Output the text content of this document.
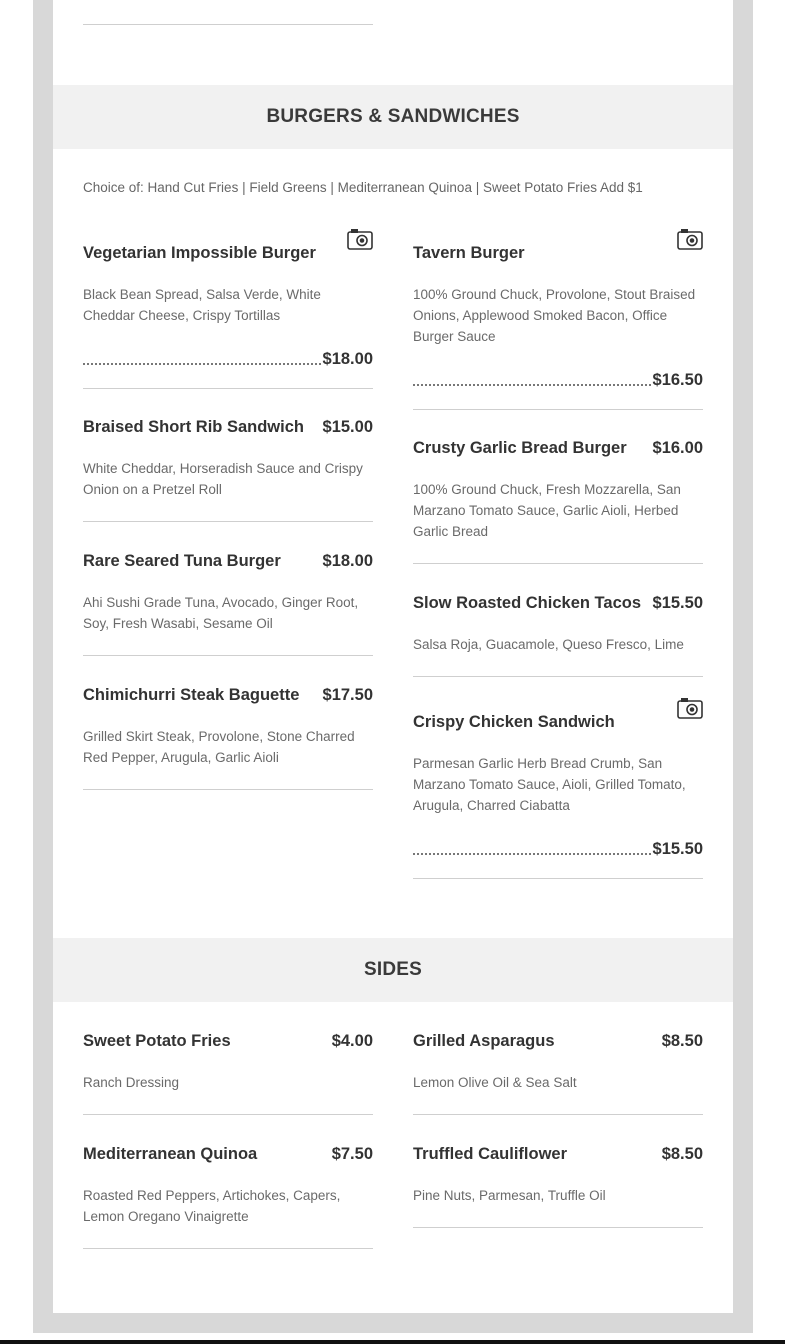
BURGERS & SANDWICHES
Choice of: Hand Cut Fries | Field Greens | Mediterranean Quinoa | Sweet Potato Fries Add $1
Vegetarian Impossible Burger
Black Bean Spread, Salsa Verde, White Cheddar Cheese, Crispy Tortillas
$18.00
Braised Short Rib Sandwich $15.00
White Cheddar, Horseradish Sauce and Crispy Onion on a Pretzel Roll
Rare Seared Tuna Burger	$18.00
Ahi Sushi Grade Tuna, Avocado, Ginger Root, Soy, Fresh Wasabi, Sesame Oil
Chimichurri Steak Baguette $17.50
Grilled Skirt Steak, Provolone, Stone Charred Red Pepper, Arugula, Garlic Aioli
Tavern Burger
100% Ground Chuck, Provolone, Stout Braised Onions, Applewood Smoked Bacon, Office Burger Sauce
$16.50
Crusty Garlic Bread Burger $16.00
100% Ground Chuck, Fresh Mozzarella, San Marzano Tomato Sauce, Garlic Aioli, Herbed Garlic Bread
Slow Roasted Chicken Tacos $15.50
Salsa Roja, Guacamole, Queso Fresco, Lime
Crispy Chicken Sandwich
Parmesan Garlic Herb Bread Crumb, San Marzano Tomato Sauce, Aioli, Grilled Tomato, Arugula, Charred Ciabatta
$15.50
SIDES
Sweet Potato Fries	$4.00
Ranch Dressing
Grilled Asparagus	$8.50
Lemon Olive Oil & Sea Salt
Mediterranean Quinoa	$7.50
Roasted Red Peppers, Artichokes, Capers, Lemon Oregano Vinaigrette
Truffled Cauliflower	$8.50
Pine Nuts, Parmesan, Truffle Oil
